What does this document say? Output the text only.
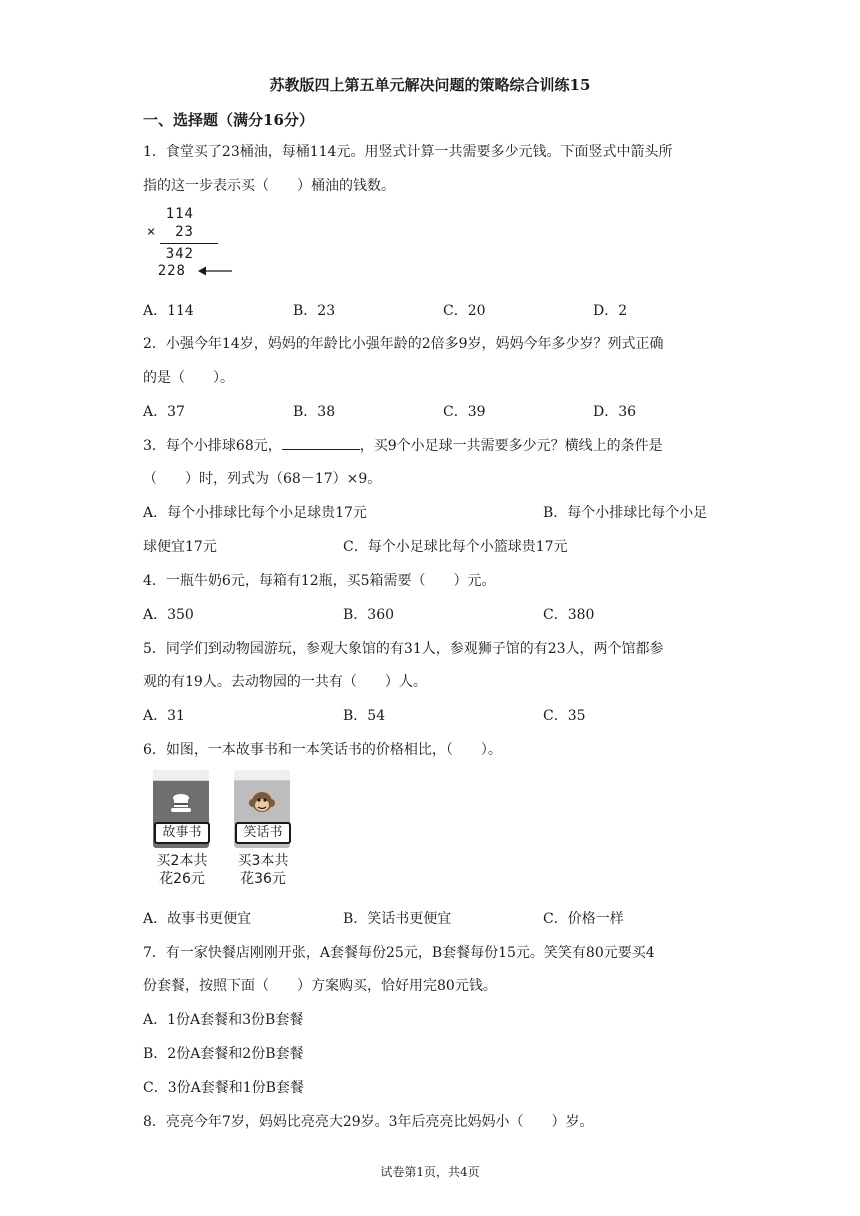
苏教版四上第五单元解决问题的策略综合训练15
一、选择题（满分16分）
1．食堂买了23桶油，每桶114元。用竖式计算一共需要多少元钱。下面竖式中箭头所
指的这一步表示买（　　）桶油的钱数。
114
×  23
342
228
A．114	B．23	C．20	D．2
2．小强今年14岁，妈妈的年龄比小强年龄的2倍多9岁，妈妈今年多少岁？列式正确
的是（　　）。
A．37	B．38	C．39	D．36
3．每个小排球68元，	，买9个小足球一共需要多少元？横线上的条件是
（　　）时，列式为（68－17）×9。
A．每个小排球比每个小足球贵17元	B．每个小排球比每个小足
球便宜17元	C．每个小足球比每个小篮球贵17元
4．一瓶牛奶6元，每箱有12瓶，买5箱需要（　　）元。
A．350	B．360	C．380
5．同学们到动物园游玩，参观大象馆的有31人，参观狮子馆的有23人，两个馆都参
观的有19人。去动物园的一共有（　　）人。
A．31	B．54	C．35
6．如图，一本故事书和一本笑话书的价格相比，（　　）。
故事书
买2本共
花26元
笑话书
买3本共
花36元
A．故事书更便宜	B．笑话书更便宜	C．价格一样
7．有一家快餐店刚刚开张，A套餐每份25元，B套餐每份15元。笑笑有80元要买4
份套餐，按照下面（　　）方案购买，恰好用完80元钱。
A．1份A套餐和3份B套餐
B．2份A套餐和2份B套餐
C．3份A套餐和1份B套餐
8．亮亮今年7岁，妈妈比亮亮大29岁。3年后亮亮比妈妈小（　　）岁。
试卷第1页，共4页
